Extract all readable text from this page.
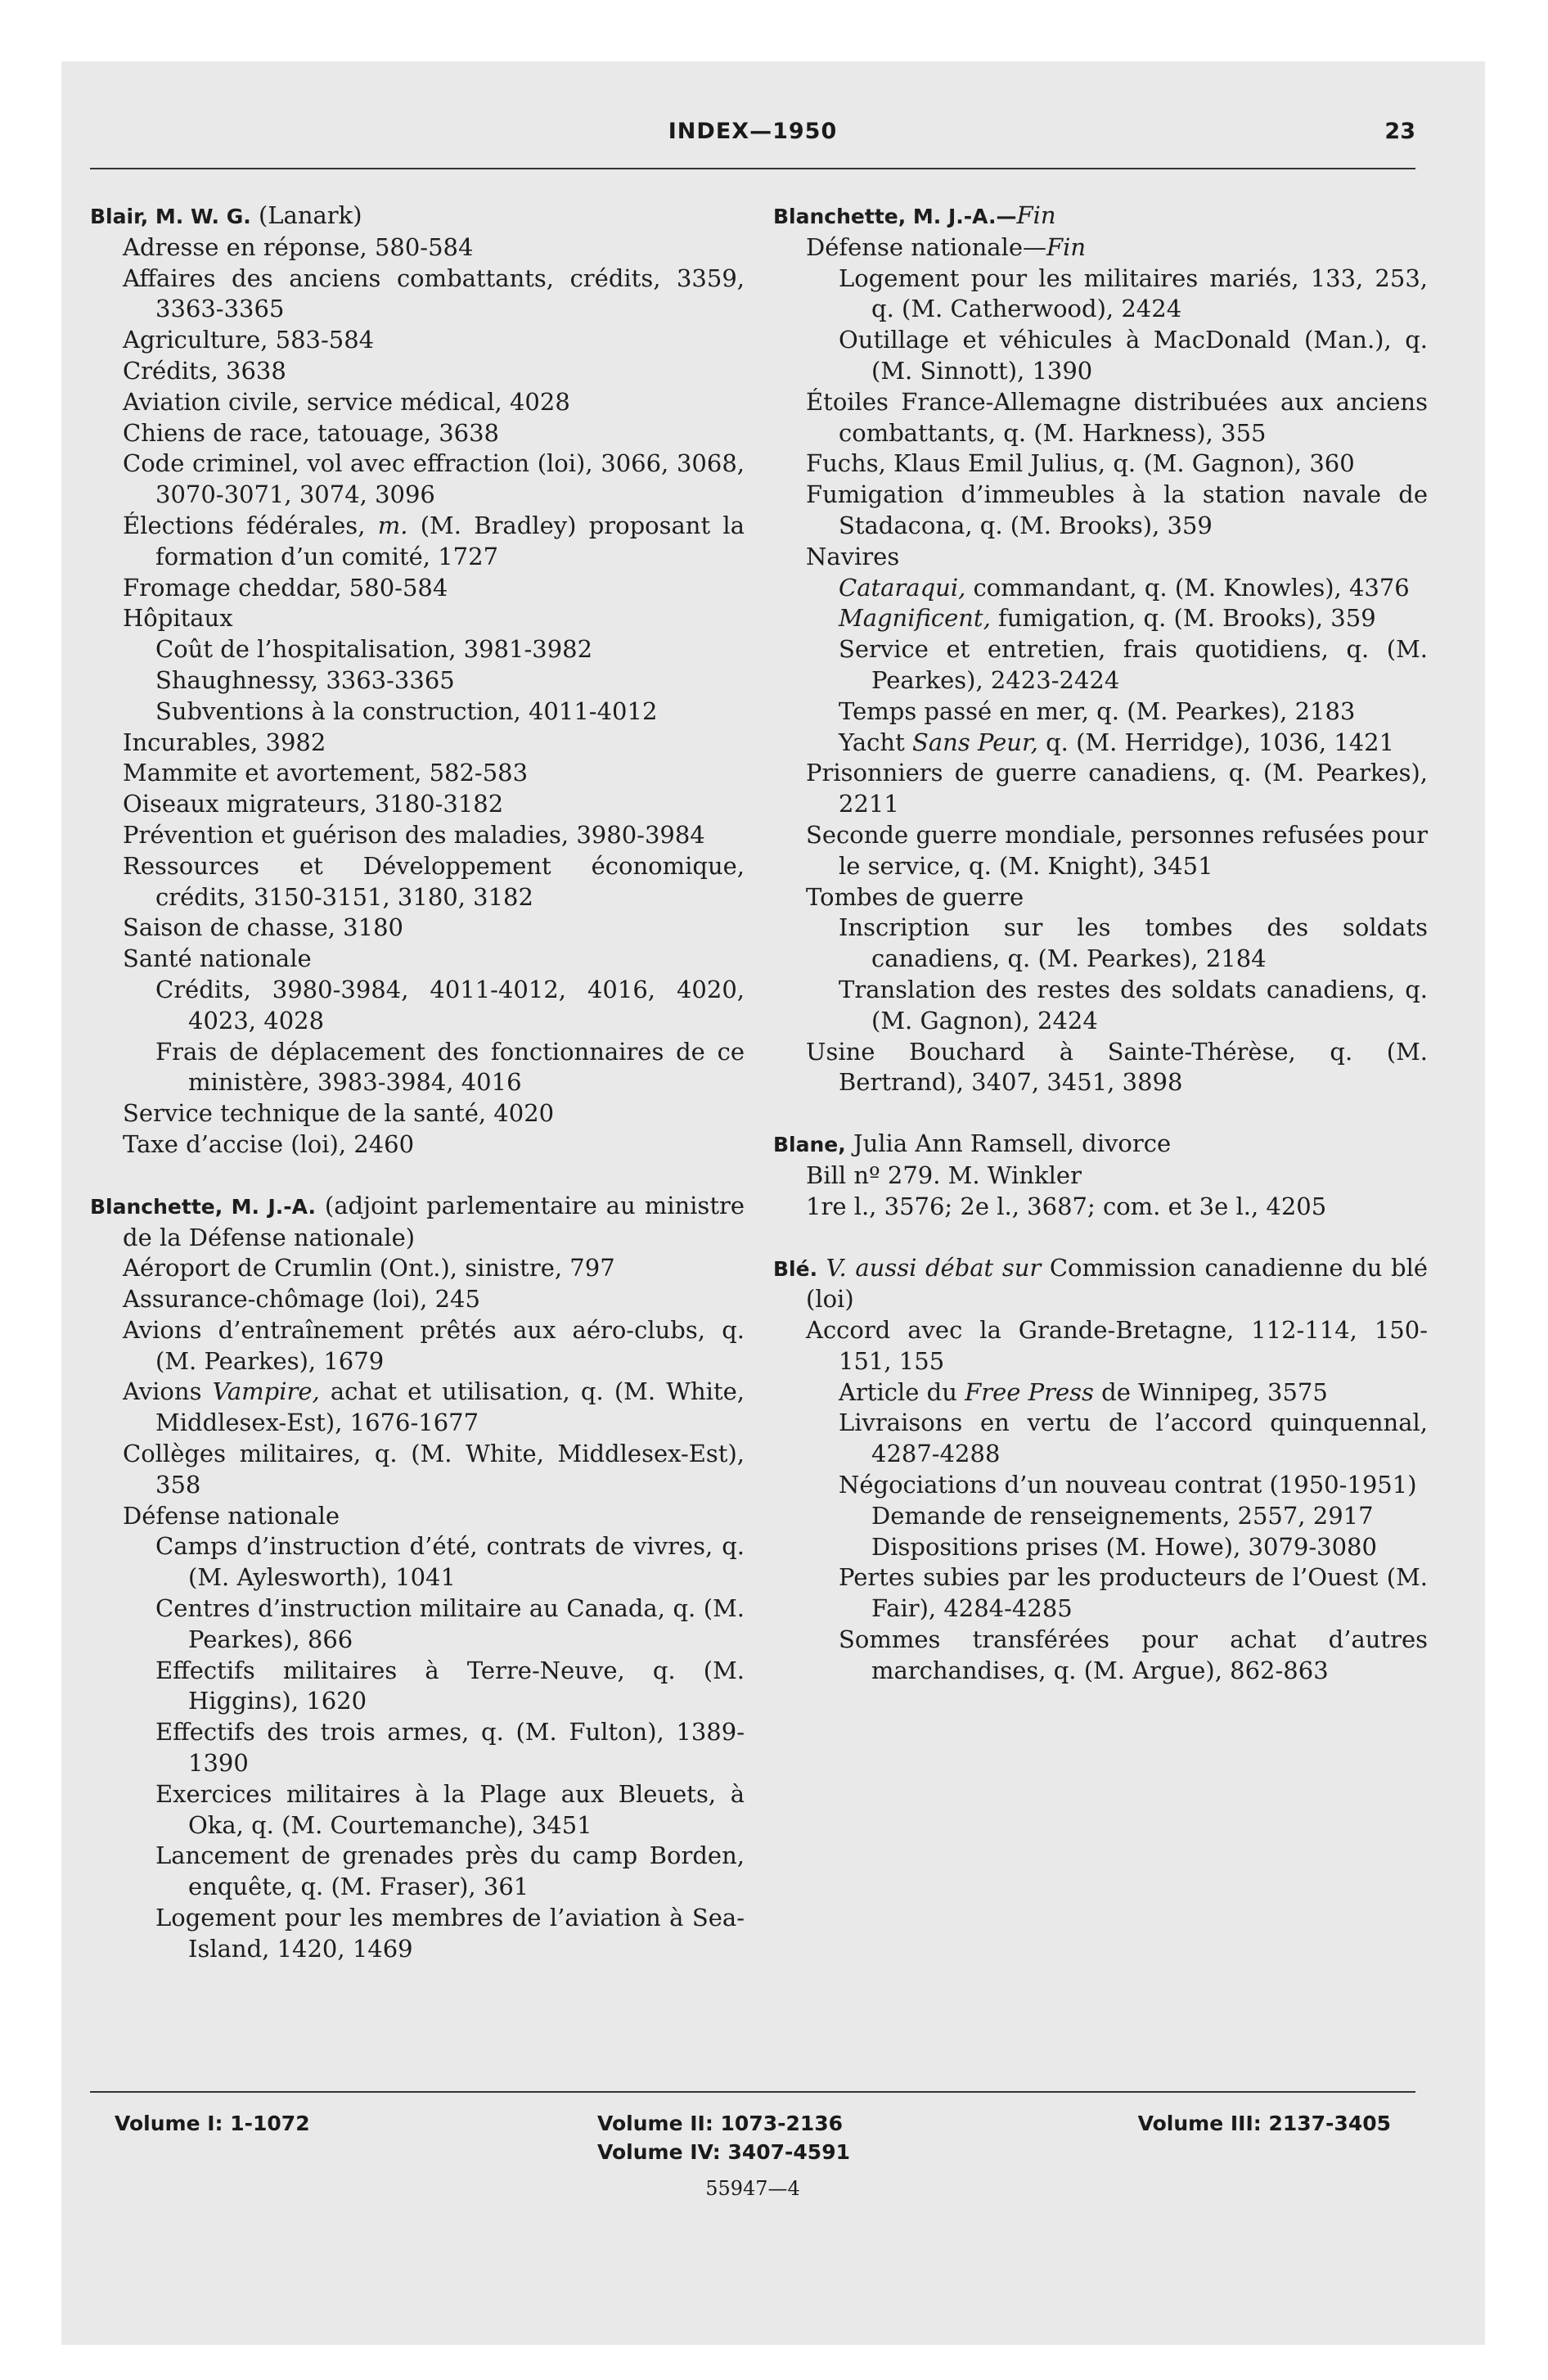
INDEX—1950	23
Blair, M. W. G. (Lanark)
Adresse en réponse, 580-584
Affaires des anciens combattants, crédits, 3359, 3363-3365
Agriculture, 583-584
Crédits, 3638
Aviation civile, service médical, 4028
Chiens de race, tatouage, 3638
Code criminel, vol avec effraction (loi), 3066, 3068, 3070-3071, 3074, 3096
Élections fédérales, m. (M. Bradley) proposant la formation d’un comité, 1727
Fromage cheddar, 580-584
Hôpitaux
Coût de l’hospitalisation, 3981-3982
Shaughnessy, 3363-3365
Subventions à la construction, 4011-4012
Incurables, 3982
Mammite et avortement, 582-583
Oiseaux migrateurs, 3180-3182
Prévention et guérison des maladies, 3980-3984
Ressources et Développement économique, crédits, 3150-3151, 3180, 3182
Saison de chasse, 3180
Santé nationale
Crédits, 3980-3984, 4011-4012, 4016, 4020, 4023, 4028
Frais de déplacement des fonctionnaires de ce ministère, 3983-3984, 4016
Service technique de la santé, 4020
Taxe d’accise (loi), 2460
Blanchette, M. J.-A. (adjoint parlementaire au ministre de la Défense nationale)
Aéroport de Crumlin (Ont.), sinistre, 797
Assurance-chômage (loi), 245
Avions d’entraînement prêtés aux aéro-clubs, q. (M. Pearkes), 1679
Avions Vampire, achat et utilisation, q. (M. White, Middlesex-Est), 1676-1677
Collèges militaires, q. (M. White, Middlesex-Est), 358
Défense nationale
Camps d’instruction d’été, contrats de vivres, q. (M. Aylesworth), 1041
Centres d’instruction militaire au Canada, q. (M. Pearkes), 866
Effectifs militaires à Terre-Neuve, q. (M. Higgins), 1620
Effectifs des trois armes, q. (M. Fulton), 1389-1390
Exercices militaires à la Plage aux Bleuets, à Oka, q. (M. Courtemanche), 3451
Lancement de grenades près du camp Borden, enquête, q. (M. Fraser), 361
Logement pour les membres de l’aviation à Sea-Island, 1420, 1469
Blanchette, M. J.-A.—Fin
Défense nationale—Fin
Logement pour les militaires mariés, 133, 253, q. (M. Catherwood), 2424
Outillage et véhicules à MacDonald (Man.), q. (M. Sinnott), 1390
Étoiles France-Allemagne distribuées aux anciens combattants, q. (M. Harkness), 355
Fuchs, Klaus Emil Julius, q. (M. Gagnon), 360
Fumigation d’immeubles à la station navale de Stadacona, q. (M. Brooks), 359
Navires
Cataraqui, commandant, q. (M. Knowles), 4376
Magnificent, fumigation, q. (M. Brooks), 359
Service et entretien, frais quotidiens, q. (M. Pearkes), 2423-2424
Temps passé en mer, q. (M. Pearkes), 2183
Yacht Sans Peur, q. (M. Herridge), 1036, 1421
Prisonniers de guerre canadiens, q. (M. Pearkes), 2211
Seconde guerre mondiale, personnes refusées pour le service, q. (M. Knight), 3451
Tombes de guerre
Inscription sur les tombes des soldats canadiens, q. (M. Pearkes), 2184
Translation des restes des soldats canadiens, q. (M. Gagnon), 2424
Usine Bouchard à Sainte-Thérèse, q. (M. Bertrand), 3407, 3451, 3898
Blane, Julia Ann Ramsell, divorce
Bill nº 279. M. Winkler
1re l., 3576; 2e l., 3687; com. et 3e l., 4205
Blé. V. aussi débat sur Commission canadienne du blé (loi)
Accord avec la Grande-Bretagne, 112-114, 150-151, 155
Article du Free Press de Winnipeg, 3575
Livraisons en vertu de l’accord quinquennal, 4287-4288
Négociations d’un nouveau contrat (1950-1951)
Demande de renseignements, 2557, 2917
Dispositions prises (M. Howe), 3079-3080
Pertes subies par les producteurs de l’Ouest (M. Fair), 4284-4285
Sommes transférées pour achat d’autres marchandises, q. (M. Argue), 862-863
Volume I: 1-1072	Volume II: 1073-2136
Volume IV: 3407-4591
Volume III: 2137-3405
55947—4
